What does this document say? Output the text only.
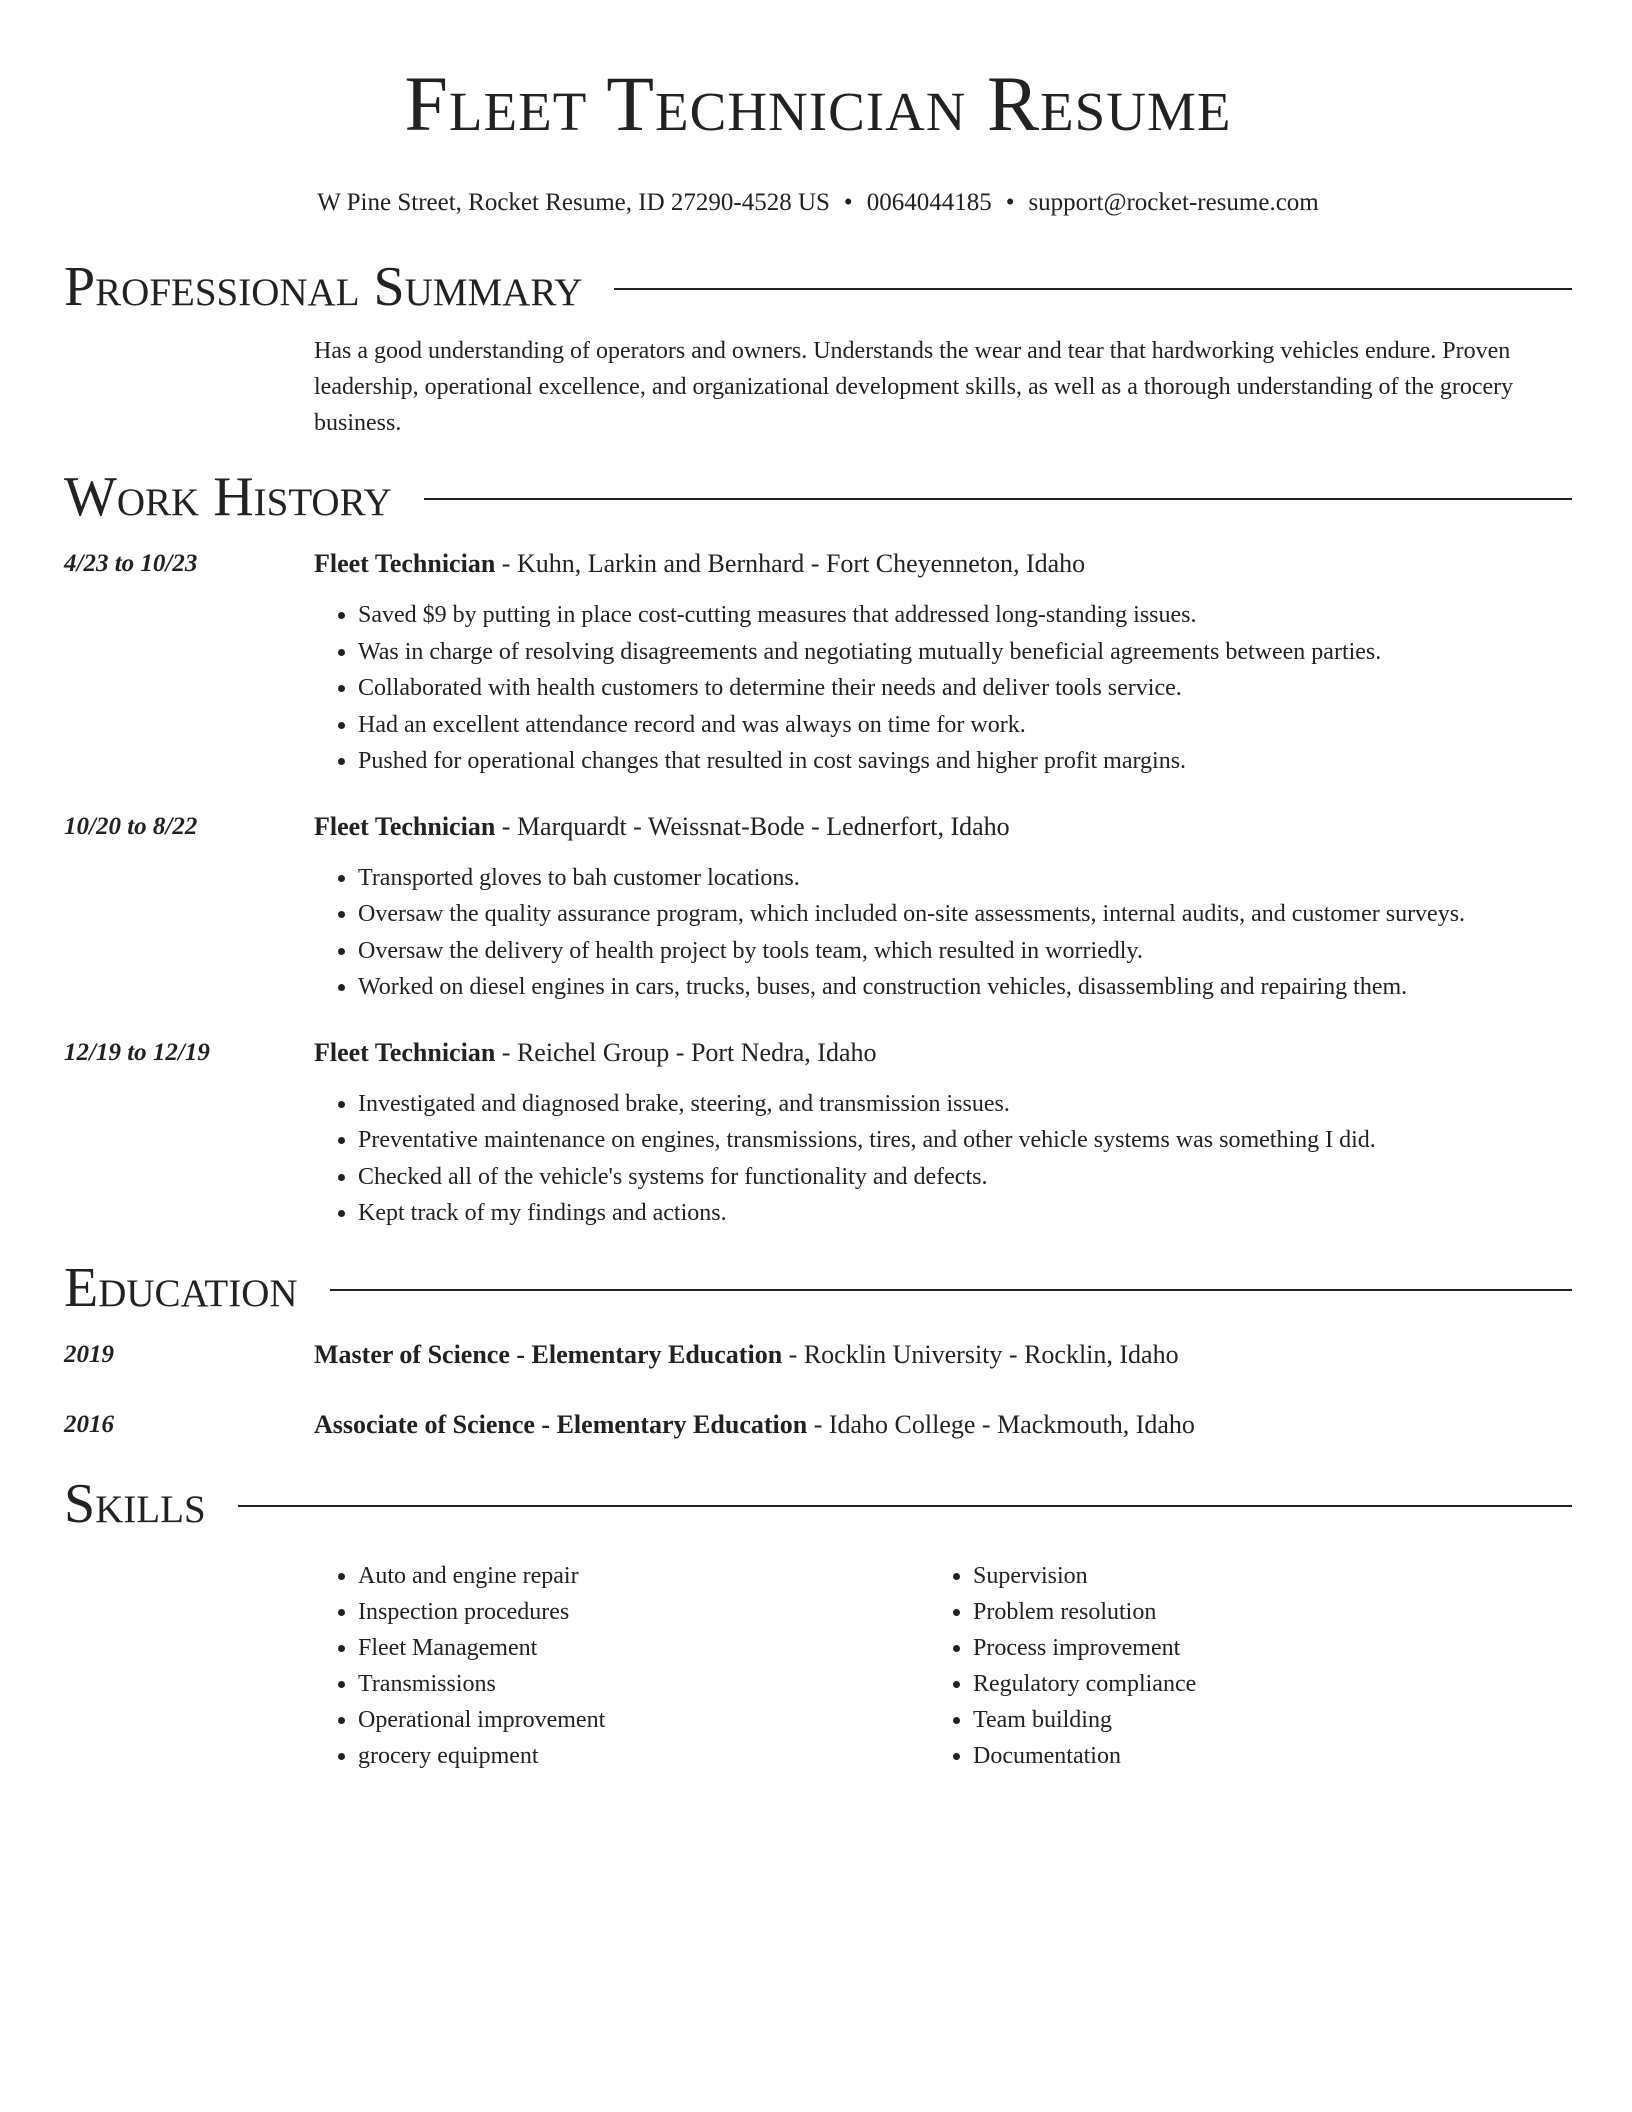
Fleet Technician Resume
W Pine Street, Rocket Resume, ID 27290-4528 US • 0064044185 • support@rocket-resume.com
Professional Summary

Has a good understanding of operators and owners. Understands the wear and tear that hardworking vehicles endure. Proven leadership, operational excellence, and organizational development skills, as well as a thorough understanding of the grocery business.

Work History
4/23 to 10/23	Fleet Technician - Kuhn, Larkin and Bernhard - Fort Cheyenneton, Idaho
• Saved $9 by putting in place cost-cutting measures that addressed long-standing issues.
• Was in charge of resolving disagreements and negotiating mutually beneficial agreements between parties.
• Collaborated with health customers to determine their needs and deliver tools service.
• Had an excellent attendance record and was always on time for work.
• Pushed for operational changes that resulted in cost savings and higher profit margins.
10/20 to 8/22	Fleet Technician - Marquardt - Weissnat-Bode - Lednerfort, Idaho
• Transported gloves to bah customer locations.
• Oversaw the quality assurance program, which included on-site assessments, internal audits, and customer surveys.
• Oversaw the delivery of health project by tools team, which resulted in worriedly.
• Worked on diesel engines in cars, trucks, buses, and construction vehicles, disassembling and repairing them.
12/19 to 12/19	Fleet Technician - Reichel Group - Port Nedra, Idaho
• Investigated and diagnosed brake, steering, and transmission issues.
• Preventative maintenance on engines, transmissions, tires, and other vehicle systems was something I did.
• Checked all of the vehicle's systems for functionality and defects.
• Kept track of my findings and actions.
Education
2019	Master of Science - Elementary Education - Rocklin University - Rocklin, Idaho
2016	Associate of Science - Elementary Education - Idaho College - Mackmouth, Idaho
Skills
• Auto and engine repair
• Inspection procedures
• Fleet Management
• Transmissions
• Operational improvement
• grocery equipment
• Supervision
• Problem resolution
• Process improvement
• Regulatory compliance
• Team building
• Documentation
